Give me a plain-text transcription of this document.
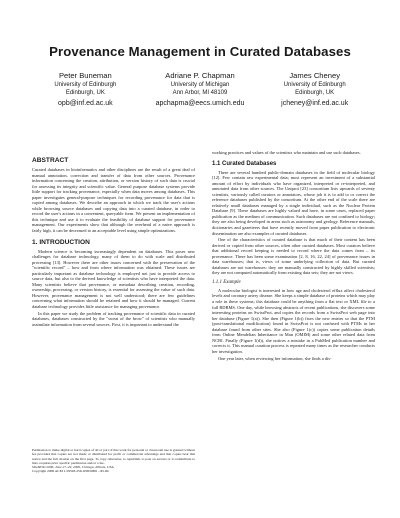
Provenance Management in Curated Databases
Peter Buneman
University of Edinburgh
Edinburgh, UK
opb@inf.ed.ac.uk
Adriane P. Chapman
University of Michigan
Ann Arbor, MI 48109
apchapma@eecs.umich.edu
James Cheney
University of Edinburgh
Edinburgh, UK
jcheney@inf.ed.ac.uk
ABSTRACT
Curated databases in bioinformatics and other disciplines are the result of a great deal of manual annotation, correction and transfer of data from other sources. Provenance information concerning the creation, attribution, or version history of such data is crucial for assessing its integrity and scientific value. General purpose database systems provide little support for tracking provenance, especially when data moves among databases. This paper investigates general-purpose techniques for recording provenance for data that is copied among databases. We describe an approach in which we track the user's actions while browsing source databases and copying data into a curated database, in order to record the user's actions in a convenient, queryable form. We present an implementation of this technique and use it to evaluate the feasibility of database support for provenance management. Our experiments show that although the overhead of a naive approach is fairly high, it can be decreased to an acceptable level using simple optimizations.
1. INTRODUCTION
Modern science is becoming increasingly dependent on databases. This poses new challenges for database technology, many of them to do with scale and distributed processing [13]. However there are other issues concerned with the preservation of the "scientific record" – how and from where information was obtained. These issues are particularly important as database technology is employed not just to provide access to source data, but also to the derived knowledge of scientists who have interpreted the data. Many scientists believe that provenance, or metadata describing creation, recording, ownership, processing, or version history, is essential for assessing the value of such data. However, provenance management is not well understood; there are few guidelines concerning what information should be retained and how it should be managed. Current database technology provides little assistance for managing provenance.
In this paper we study the problem of tracking provenance of scientific data in curated databases, databases constructed by the "sweat of the brow" of scientists who manually assimilate information from several sources. First, it is important to understand the
Permission to make digital or hard copies of all or part of this work for personal or classroom use is granted without fee provided that copies are not made or distributed for profit or commercial advantage and that copies bear this notice and the full citation on the first page. To copy otherwise, to republish, to post on servers or to redistribute to lists, requires prior specific permission and/or a fee.
SIGMOD 2006, June 27–29, 2006, Chicago, Illinois, USA.
Copyright 2006 ACM 1-59593-256-9/06/0006 ...$5.00.
working practices and values of the scientists who maintain and use such databases.
1.1 Curated Databases
There are several hundred public-domain databases in the field of molecular biology [12]. Few contain raw experimental data; most represent an investment of a substantial amount of effort by individuals who have organized, interpreted or re-interpreted, and annotated data from other sources. The Uniprot [23] consortium lists upwards of seventy scientists, variously called curators or annotators, whose job it is to add to or correct the reference databases published by the consortium. At the other end of the scale there are relatively small databases managed by a single individual, such as the Nuclear Protein Database [9]. These databases are highly valued and have, in some cases, replaced paper publication as the medium of communication. Such databases are not confined to biology; they are also being developed in areas such as astronomy and geology. Reference manuals, dictionaries and gazetteers that have recently moved from paper publication to electronic dissemination are also examples of curated databases.
One of the characteristics of curated database is that much of their content has been derived or copied from other sources, often other curated databases. Most curators believe that additional record keeping is needed to record where the data comes from – its provenance. There has been some examination [2, 8, 16, 22, 24] of provenance issues in data warehouses; that is, views of some underlying collection of data. But curated databases are not warehouses: they are manually constructed by highly skilled scientists; they are not computed automatically from existing data sets; they are not views.
1.1.1 Example
A molecular biologist is interested in how age and cholesterol efflux affect cholesterol levels and coronary artery disease. She keeps a simple database of proteins which may play a role in these systems; this database could be anything from a flat text or XML file to a full RDBMS. One day, while browsing abstracts of recent publications, she discovers some interesting proteins on SwissProt, and copies the records from a SwissProt web page into her database (Figure 1(a)). She then (Figure 1(b)) fixes the new entries so that the PTM (post-translational modification) found in SwissProt is not confused with PTMs in her database found from other sites. She also (Figure 1(c)) copies some publication details from Online Mendelian Inheritance in Man (OMIM) and some other related data from NCBI. Finally (Figure 1(d)), she notices a mistake in a PubMed publication number and corrects it. This manual curation process is repeated many times as the researcher conducts her investigation.
One year later, when reviewing her information, she finds a dis-
